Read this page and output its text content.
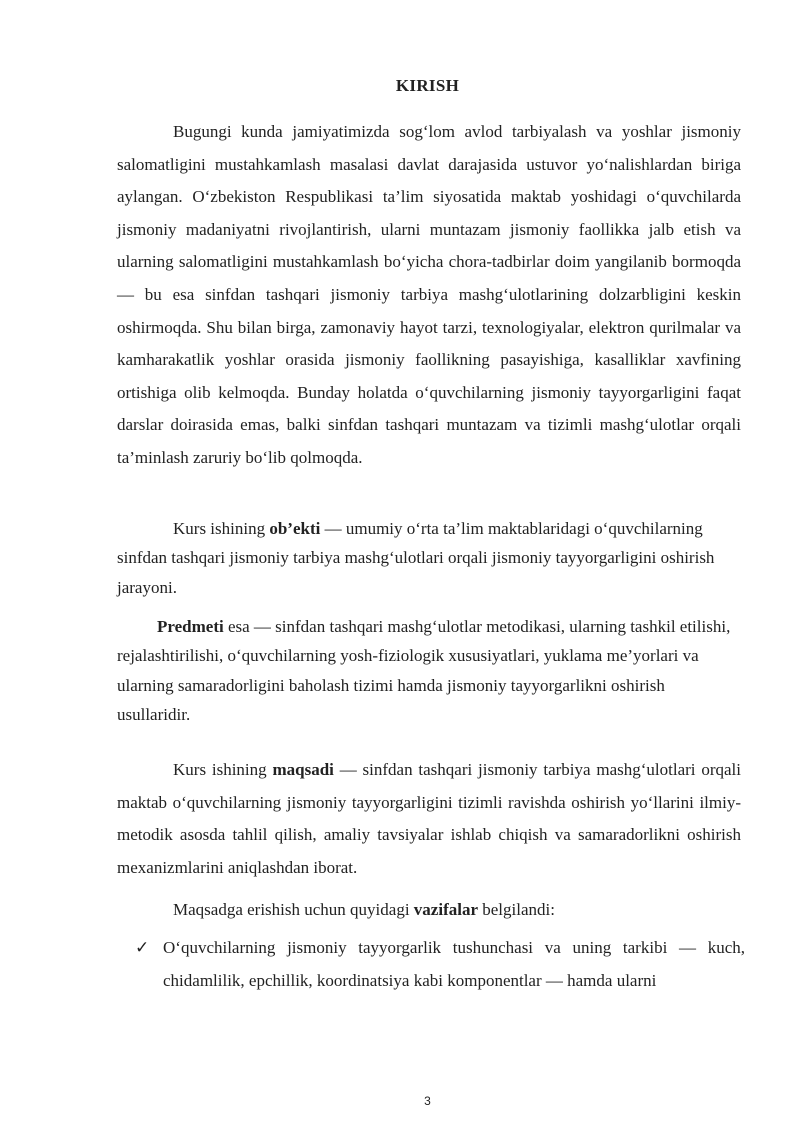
KIRISH

Bugungi kunda jamiyatimizda sog‘lom avlod tarbiyalash va yoshlar jismoniy salomatligini mustahkamlash masalasi davlat darajasida ustuvor yo‘nalishlardan biriga aylangan. O‘zbekiston Respublikasi ta’lim siyosatida maktab yoshidagi o‘quvchilarda jismoniy madaniyatni rivojlantirish, ularni muntazam jismoniy faollikka jalb etish va ularning salomatligini mustahkamlash bo‘yicha chora-tadbirlar doim yangilanib bormoqda — bu esa sinfdan tashqari jismoniy tarbiya mashg‘ulotlarining dolzarbligini keskin oshirmoqda. Shu bilan birga, zamonaviy hayot tarzi, texnologiyalar, elektron qurilmalar va kamharakatlik yoshlar orasida jismoniy faollikning pasayishiga, kasalliklar xavfining ortishiga olib kelmoqda. Bunday holatda o‘quvchilarning jismoniy tayyorgarligini faqat darslar doirasida emas, balki sinfdan tashqari muntazam va tizimli mashg‘ulotlar orqali ta’minlash zaruriy bo‘lib qolmoqda.

Kurs ishining ob’ekti — umumiy o‘rta ta’lim maktablaridagi o‘quvchilarning sinfdan tashqari jismoniy tarbiya mashg‘ulotlari orqali jismoniy tayyorgarligini oshirish jarayoni.

Predmeti esa — sinfdan tashqari mashg‘ulotlar metodikasi, ularning tashkil etilishi, rejalashtirilishi, o‘quvchilarning yosh-fiziologik xususiyatlari, yuklama me’yorlari va ularning samaradorligini baholash tizimi hamda jismoniy tayyorgarlikni oshirish usullaridir.

Kurs ishining maqsadi — sinfdan tashqari jismoniy tarbiya mashg‘ulotlari orqali maktab o‘quvchilarning jismoniy tayyorgarligini tizimli ravishda oshirish yo‘llarini ilmiy-metodik asosda tahlil qilish, amaliy tavsiyalar ishlab chiqish va samaradorlikni oshirish mexanizmlarini aniqlashdan iborat.

Maqsadga erishish uchun quyidagi vazifalar belgilandi:

✓ O‘quvchilarning jismoniy tayyorgarlik tushunchasi va uning tarkibi — kuch, chidamlilik, epchillik, koordinatsiya kabi komponentlar — hamda ularni
3
